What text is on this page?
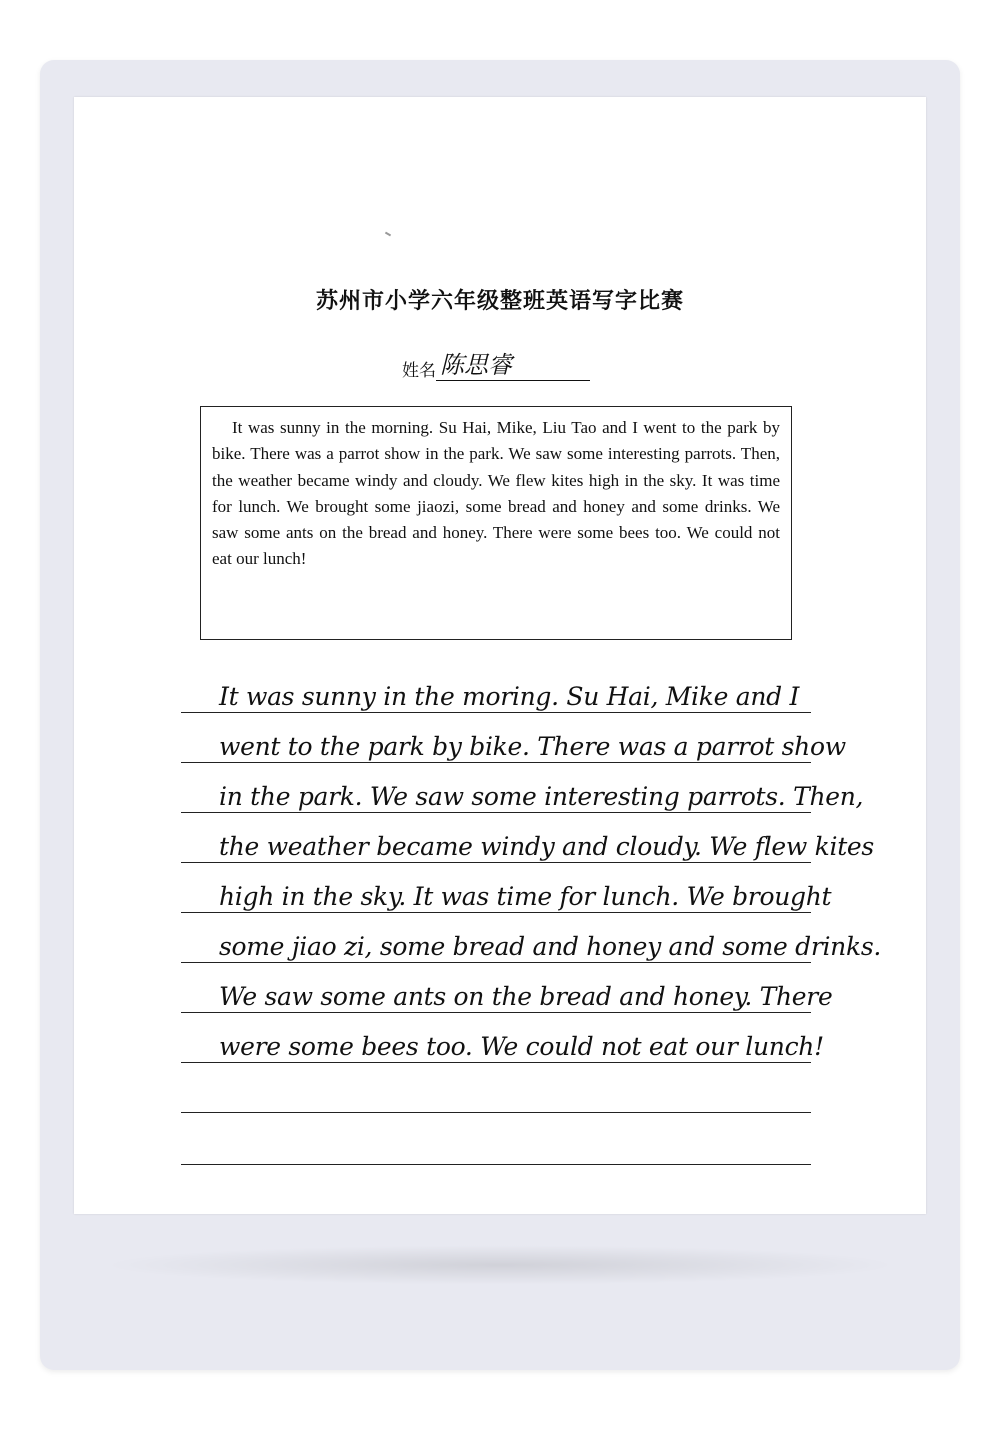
苏州市小学六年级整班英语写字比赛
姓名 陈思睿

It was sunny in the morning. Su Hai, Mike, Liu Tao and I went to the park by bike. There was a parrot show in the park. We saw some interesting parrots. Then, the weather became windy and cloudy. We flew kites high in the sky. It was time for lunch. We brought some jiaozi, some bread and honey and some drinks. We saw some ants on the bread and honey. There were some bees too. We could not eat our lunch!

It was sunny in the moring. Su Hai, Mike and I
went to the park by bike. There was a parrot show
in the park. We saw some interesting parrots. Then,
the weather became windy and cloudy. We flew kites
high in the sky. It was time for lunch. We brought
some jiao zi, some bread and honey and some drinks.
We saw some ants on the bread and honey. There
were some bees too. We could not eat our lunch!
